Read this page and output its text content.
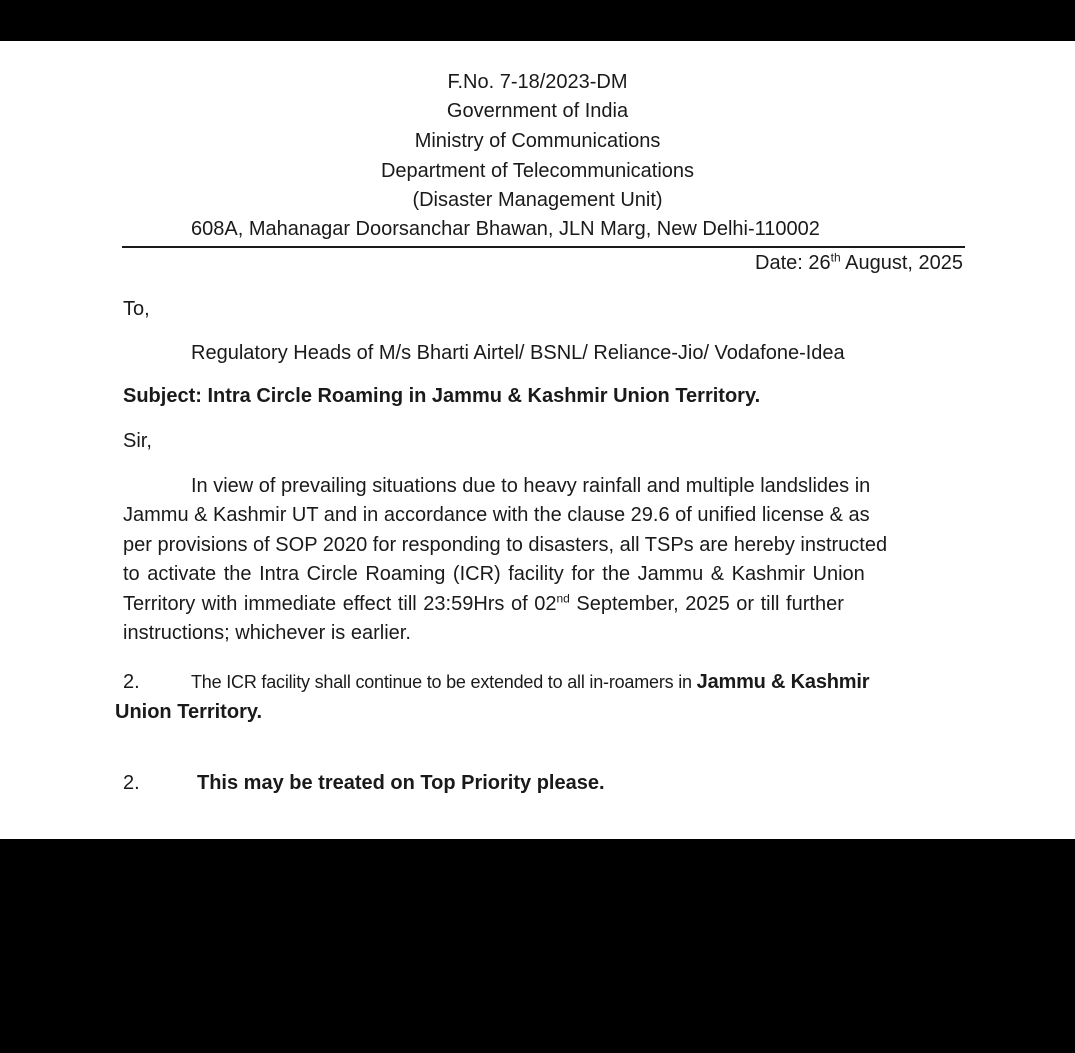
F.No. 7-18/2023-DM
Government of India
Ministry of Communications
Department of Telecommunications
(Disaster Management Unit)
608A, Mahanagar Doorsanchar Bhawan, JLN Marg, New Delhi-110002
Date: 26th August, 2025
To,
Regulatory Heads of M/s Bharti Airtel/ BSNL/ Reliance-Jio/ Vodafone-Idea
Subject: Intra Circle Roaming in Jammu & Kashmir Union Territory.
Sir,
In view of prevailing situations due to heavy rainfall and multiple landslides in
Jammu & Kashmir UT and in accordance with the clause 29.6 of unified license & as
per provisions of SOP 2020 for responding to disasters, all TSPs are hereby instructed
to activate the Intra Circle Roaming (ICR) facility for the Jammu & Kashmir Union
Territory with immediate effect till 23:59Hrs of 02nd September, 2025 or till further
instructions; whichever is earlier.
2.	The ICR facility shall continue to be extended to all in-roamers in Jammu & Kashmir
Union Territory.
2.	This may be treated on Top Priority please.
